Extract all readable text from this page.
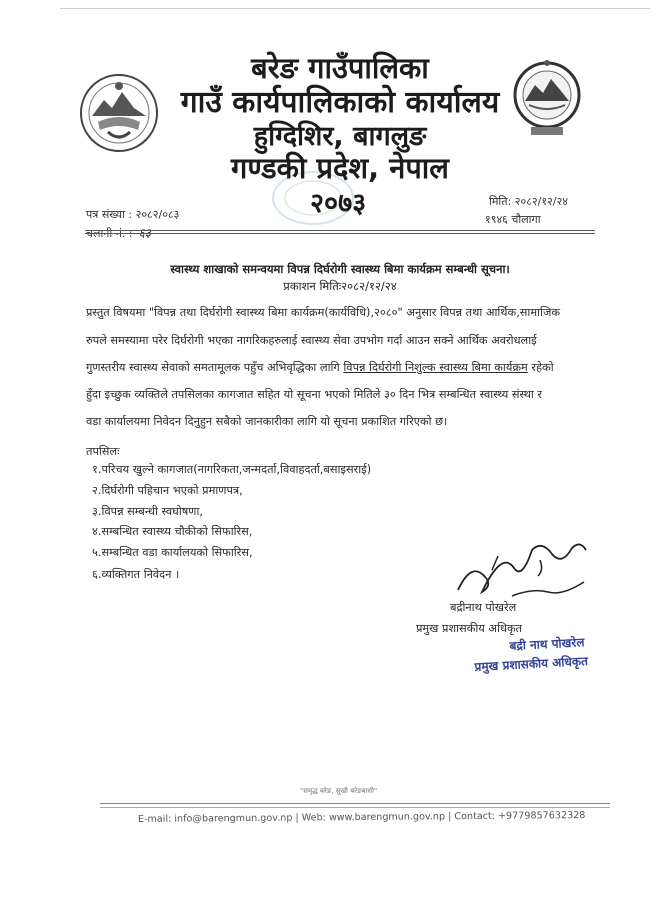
बरेङ गाउँपालिका
गाउँ कार्यपालिकाको कार्यालय
हुग्दिशिर, बागलुङ
गण्डकी प्रदेश, नेपाल
२०७३
पत्र संख्या : २०८२/०८३
चलानी नं. : ६३
मिति: २०८२/१२/२४
१९४६ चौलागा
स्वास्थ्य शाखाको समन्वयमा विपन्न दिर्घरोगी स्वास्थ्य बिमा कार्यक्रम सम्बन्धी सूचना।
प्रकाशन मितिः२०८२/१२/२४
प्रस्तुत विषयमा "विपन्न तथा दिर्घरोगी स्वास्थ्य बिमा कार्यक्रम(कार्यविधि),२०८०" अनुसार विपन्न तथा आर्थिक,सामाजिक
रुपले समस्यामा परेर दिर्घरोगी भएका नागरिकहरुलाई स्वास्थ्य सेवा उपभोग गर्दा आउन सक्ने आर्थिक अवरोधलाई
गुणस्तरीय स्वास्थ्य सेवाको समतामूलक पहुँच अभिवृद्धिका लागि विपन्न दिर्घरोगी निशुल्क स्वास्थ्य बिमा कार्यक्रम रहेको
हुँदा इच्छुक व्यक्तिले तपसिलका कागजात सहित यो सूचना भएको मितिले ३० दिन भित्र सम्बन्धित स्वास्थ्य संस्था र
वडा कार्यालयमा निवेदन दिनुहुन सबैको जानकारीका लागि यो सूचना प्रकाशित गरिएको छ।
तपसिलः
१.परिचय खुल्ने कागजात(नागरिकता,जन्मदर्ता,विवाहदर्ता,बसाइसराई)
२.दिर्घरोगी पहिचान भएको प्रमाणपत्र,
३.विपन्न सम्बन्धी स्वघोषणा,
४.सम्बन्धित स्वास्थ्य चौकीको सिफारिस,
५.सम्बन्धित वडा कार्यालयको सिफारिस,
६.व्यक्तिगत निवेदन ।
बद्रीनाथ पोखरेल
प्रमुख प्रशासकीय अधिकृत
बद्री नाथ पोखरेल
प्रमुख प्रशासकीय अधिकृत
"समृद्ध बरेङ, सुखी बरेङबासी"
E-mail: info@barengmun.gov.np | Web: www.barengmun.gov.np | Contact: +9779857632328
